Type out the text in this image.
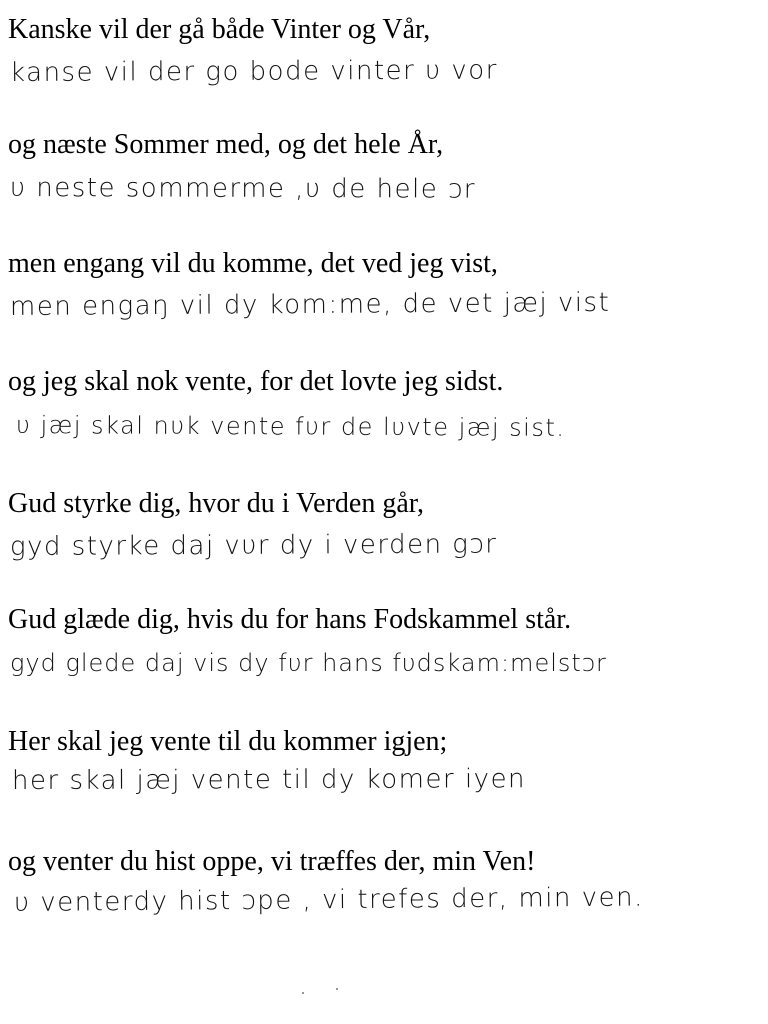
Kanske vil der gå både Vinter og Vår,
kanse vil der go bode vinter υ vor
og næste Sommer med, og det hele År,
υ neste sommermе ,υ de hele ɔr
men engang vil du komme, det ved jeg vist,
men engaŋ vil dy kom:me, de vet jæj vist
og jeg skal nok vente, for det lovte jeg sidst.
υ jæj skal nυk vente fυr de lυvte jæj sist.
Gud styrke dig, hvor du i Verden går,
gyd styrke daj vυr dy i verden gɔr
Gud glæde dig, hvis du for hans Fodskammel står.
gyd glede daj vis dy fυr hans fυdskam:melstɔr
Her skal jeg vente til du kommer igjen;
her skal jæj vente til dy komer iyen
og venter du hist oppe, vi træffes der, min Ven!
υ venterdy hist ɔpe , vi trefes der, min ven.
